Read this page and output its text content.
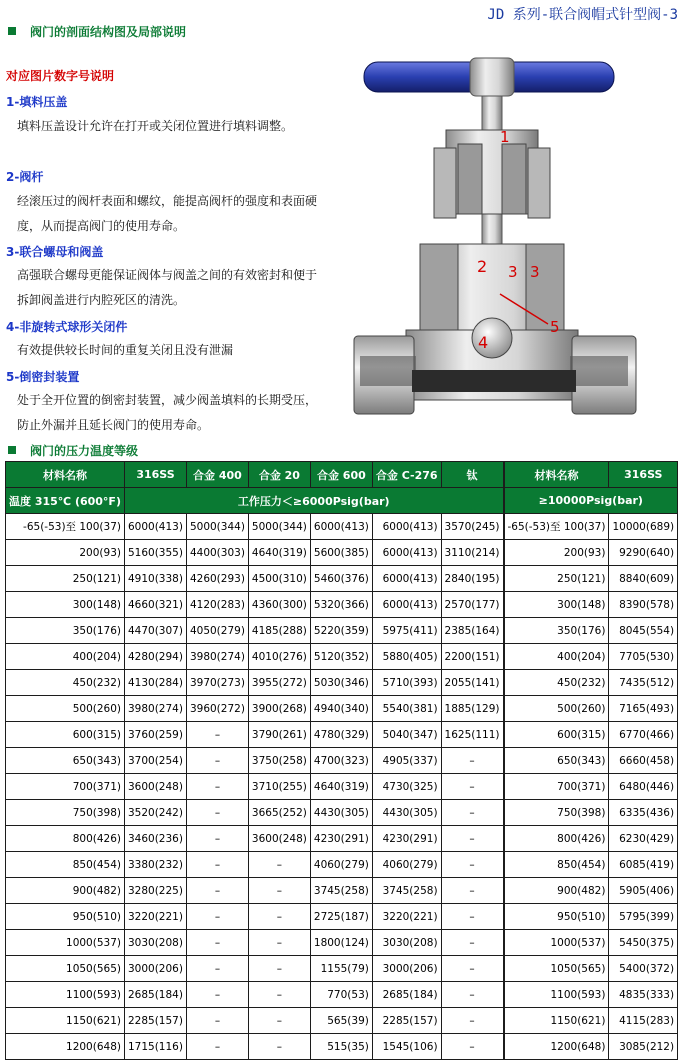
JD 系列-联合阀帽式针型阀-3
阀门的剖面结构图及局部说明
对应图片数字号说明
1-填料压盖
填料压盖设计允许在打开或关闭位置进行填料调整。
2-阀杆
经滚压过的阀杆表面和螺纹，能提高阀杆的强度和表面硬度，从而提高阀门的使用寿命。
3-联合螺母和阀盖
高强联合螺母更能保证阀体与阀盖之间的有效密封和便于拆卸阀盖进行内腔死区的清洗。
4-非旋转式球形关闭件
有效提供较长时间的重复关闭且没有泄漏
5-倒密封装置
处于全开位置的倒密封装置，减少阀盖填料的长期受压，防止外漏并且延长阀门的使用寿命。
1
2 3 3
4
5
阀门的压力温度等级
材料名称	316SS	合金 400	合金 20	合金 600	合金 C-276	钛		材料名称	316SS
温度 315℃ (600°F)	工作压力＜≥6000Psig(bar)						≥10000Psig(bar)	
-65(-53)至 100(37)	6000(413)	5000(344)	5000(344)	6000(413)	6000(413)	3570(245)		-65(-53)至 100(37)	10000(689)
200(93)	5160(355)	4400(303)	4640(319)	5600(385)	6000(413)	3110(214)		200(93)	9290(640)
250(121)	4910(338)	4260(293)	4500(310)	5460(376)	6000(413)	2840(195)		250(121)	8840(609)
300(148)	4660(321)	4120(283)	4360(300)	5320(366)	6000(413)	2570(177)		300(148)	8390(578)
350(176)	4470(307)	4050(279)	4185(288)	5220(359)	5975(411)	2385(164)		350(176)	8045(554)
400(204)	4280(294)	3980(274)	4010(276)	5120(352)	5880(405)	2200(151)		400(204)	7705(530)
450(232)	4130(284)	3970(273)	3955(272)	5030(346)	5710(393)	2055(141)		450(232)	7435(512)
500(260)	3980(274)	3960(272)	3900(268)	4940(340)	5540(381)	1885(129)		500(260)	7165(493)
600(315)	3760(259)	–	3790(261)	4780(329)	5040(347)	1625(111)		600(315)	6770(466)
650(343)	3700(254)	–	3750(258)	4700(323)	4905(337)	–		650(343)	6660(458)
700(371)	3600(248)	–	3710(255)	4640(319)	4730(325)	–		700(371)	6480(446)
750(398)	3520(242)	–	3665(252)	4430(305)	4430(305)	–		750(398)	6335(436)
800(426)	3460(236)	–	3600(248)	4230(291)	4230(291)	–		800(426)	6230(429)
850(454)	3380(232)	–	–	4060(279)	4060(279)	–		850(454)	6085(419)
900(482)	3280(225)	–	–	3745(258)	3745(258)	–		900(482)	5905(406)
950(510)	3220(221)	–	–	2725(187)	3220(221)	–		950(510)	5795(399)
1000(537)	3030(208)	–	–	1800(124)	3030(208)	–		1000(537)	5450(375)
1050(565)	3000(206)	–	–	1155(79)	3000(206)	–		1050(565)	5400(372)
1100(593)	2685(184)	–	–	770(53)	2685(184)	–		1100(593)	4835(333)
1150(621)	2285(157)	–	–	565(39)	2285(157)	–		1150(621)	4115(283)
1200(648)	1715(116)	–	–	515(35)	1545(106)	–		1200(648)	3085(212)
